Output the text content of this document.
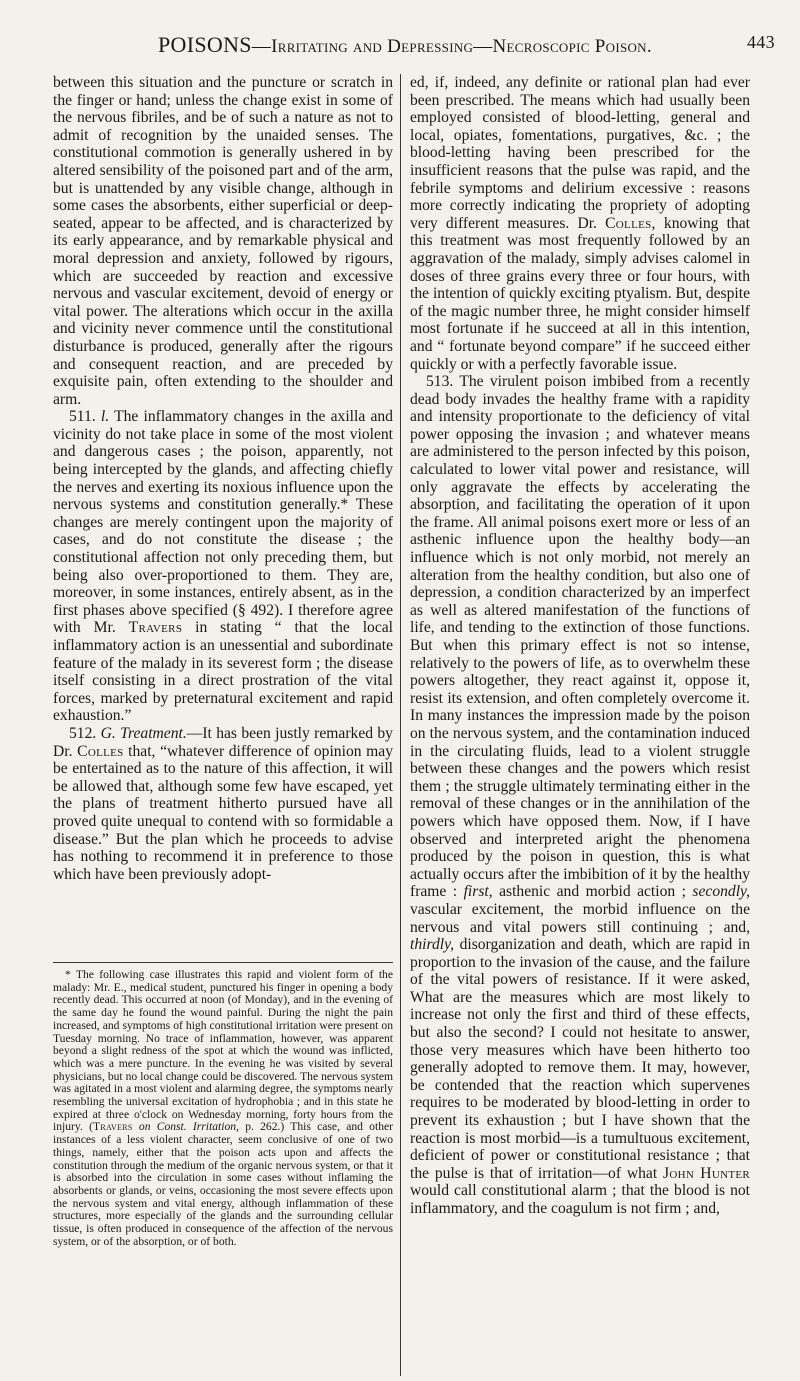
POISONS—Irritating and Depressing—Necroscopic Poison.	443

between this situation and the puncture or scratch in the finger or hand; unless the change exist in some of the nervous fibriles, and be of such a nature as not to admit of recognition by the unaided senses. The constitutional commotion is generally ushered in by altered sensibility of the poisoned part and of the arm, but is unattended by any visible change, although in some cases the absorbents, either superficial or deep-seated, appear to be affected, and is characterized by its early appearance, and by remarkable physical and moral depression and anxiety, followed by rigours, which are succeeded by reaction and excessive nervous and vascular excitement, devoid of energy or vital power. The alterations which occur in the axilla and vicinity never commence until the constitutional disturbance is produced, generally after the rigours and consequent reaction, and are preceded by exquisite pain, often extending to the shoulder and arm.

511. l. The inflammatory changes in the axilla and vicinity do not take place in some of the most violent and dangerous cases ; the poison, apparently, not being intercepted by the glands, and affecting chiefly the nerves and exerting its noxious influence upon the nervous systems and constitution generally.* These changes are merely contingent upon the majority of cases, and do not constitute the disease ; the constitutional affection not only preceding them, but being also over-proportioned to them. They are, moreover, in some instances, entirely absent, as in the first phases above specified (§ 492). I therefore agree with Mr. Travers in stating “ that the local inflammatory action is an unessential and subordinate feature of the malady in its severest form ; the disease itself consisting in a direct prostration of the vital forces, marked by preternatural excitement and rapid exhaustion.”

512. G. Treatment.—It has been justly remarked by Dr. Colles that, “whatever difference of opinion may be entertained as to the nature of this affection, it will be allowed that, although some few have escaped, yet the plans of treatment hitherto pursued have all proved quite unequal to contend with so formidable a disease.” But the plan which he proceeds to advise has nothing to recommend it in preference to those which have been previously adopt-

* The following case illustrates this rapid and violent form of the malady: Mr. E., medical student, punctured his finger in opening a body recently dead. This occurred at noon (of Monday), and in the evening of the same day he found the wound painful. During the night the pain increased, and symptoms of high constitutional irritation were present on Tuesday morning. No trace of inflammation, however, was apparent beyond a slight redness of the spot at which the wound was inflicted, which was a mere puncture. In the evening he was visited by several physicians, but no local change could be discovered. The nervous system was agitated in a most violent and alarming degree, the symptoms nearly resembling the universal excitation of hydrophobia ; and in this state he expired at three o'clock on Wednesday morning, forty hours from the injury. (Travers on Const. Irritation, p. 262.) This case, and other instances of a less violent character, seem conclusive of one of two things, namely, either that the poison acts upon and affects the constitution through the medium of the organic nervous system, or that it is absorbed into the circulation in some cases without inflaming the absorbents or glands, or veins, occasioning the most severe effects upon the nervous system and vital energy, although inflammation of these structures, more especially of the glands and the surrounding cellular tissue, is often produced in consequence of the affection of the nervous system, or of the absorption, or of both.

ed, if, indeed, any definite or rational plan had ever been prescribed. The means which had usually been employed consisted of blood-letting, general and local, opiates, fomentations, purgatives, &c. ; the blood-letting having been prescribed for the insufficient reasons that the pulse was rapid, and the febrile symptoms and delirium excessive : reasons more correctly indicating the propriety of adopting very different measures. Dr. Colles, knowing that this treatment was most frequently followed by an aggravation of the malady, simply advises calomel in doses of three grains every three or four hours, with the intention of quickly exciting ptyalism. But, despite of the magic number three, he might consider himself most fortunate if he succeed at all in this intention, and “ fortunate beyond compare” if he succeed either quickly or with a perfectly favorable issue.

513. The virulent poison imbibed from a recently dead body invades the healthy frame with a rapidity and intensity proportionate to the deficiency of vital power opposing the invasion ; and whatever means are administered to the person infected by this poison, calculated to lower vital power and resistance, will only aggravate the effects by accelerating the absorption, and facilitating the operation of it upon the frame. All animal poisons exert more or less of an asthenic influence upon the healthy body—an influence which is not only morbid, not merely an alteration from the healthy condition, but also one of depression, a condition characterized by an imperfect as well as altered manifestation of the functions of life, and tending to the extinction of those functions. But when this primary effect is not so intense, relatively to the powers of life, as to overwhelm these powers altogether, they react against it, oppose it, resist its extension, and often completely overcome it. In many instances the impression made by the poison on the nervous system, and the contamination induced in the circulating fluids, lead to a violent struggle between these changes and the powers which resist them ; the struggle ultimately terminating either in the removal of these changes or in the annihilation of the powers which have opposed them. Now, if I have observed and interpreted aright the phenomena produced by the poison in question, this is what actually occurs after the imbibition of it by the healthy frame : first, asthenic and morbid action ; secondly, vascular excitement, the morbid influence on the nervous and vital powers still continuing ; and, thirdly, disorganization and death, which are rapid in proportion to the invasion of the cause, and the failure of the vital powers of resistance. If it were asked, What are the measures which are most likely to increase not only the first and third of these effects, but also the second? I could not hesitate to answer, those very measures which have been hitherto too generally adopted to remove them. It may, however, be contended that the reaction which supervenes requires to be moderated by blood-letting in order to prevent its exhaustion ; but I have shown that the reaction is most morbid—is a tumultuous excitement, deficient of power or constitutional resistance ; that the pulse is that of irritation—of what John Hunter would call constitutional alarm ; that the blood is not inflammatory, and the coagulum is not firm ; and,
